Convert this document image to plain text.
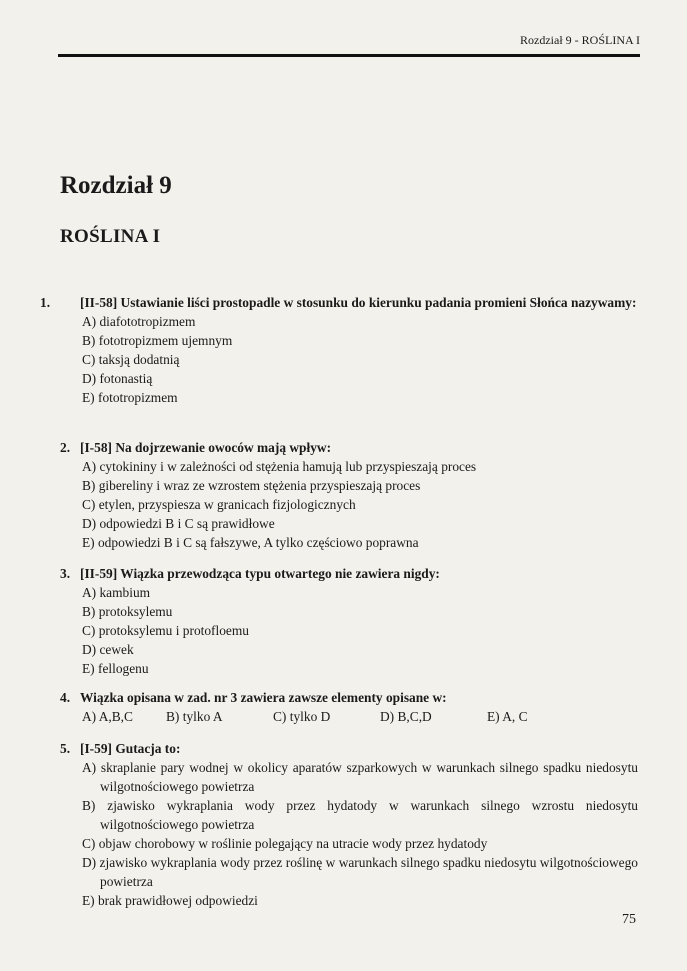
Rozdział 9 - ROŚLINA I
Rozdział 9
ROŚLINA I
1. [II-58] Ustawianie liści prostopadle w stosunku do kierunku padania promieni Słońca nazywamy:
A) diafototropizmem
B) fototropizmem ujemnym
C) taksją dodatnią
D) fotonastią
E) fototropizmem
2. [I-58] Na dojrzewanie owoców mają wpływ:
A) cytokininy i w zależności od stężenia hamują lub przyspieszają proces
B) gibereliny i wraz ze wzrostem stężenia przyspieszają proces
C) etylen, przyspiesza w granicach fizjologicznych
D) odpowiedzi B i C są prawidłowe
E) odpowiedzi B i C są fałszywe, A tylko częściowo poprawna
3. [II-59] Wiązka przewodząca typu otwartego nie zawiera nigdy:
A) kambium
B) protoksylemu
C) protoksylemu i protofloemu
D) cewek
E) fellogenu
4. Wiązka opisana w zad. nr 3 zawiera zawsze elementy opisane w:
A) A,B,C	B) tylko A	C) tylko D	D) B,C,D	E) A, C
5. [I-59] Gutacja to:
A) skraplanie pary wodnej w okolicy aparatów szparkowych w warunkach silnego spadku niedosytu wilgotnościowego powietrza
B) zjawisko wykraplania wody przez hydatody w warunkach silnego wzrostu niedosytu wilgotnościowego powietrza
C) objaw chorobowy w roślinie polegający na utracie wody przez hydatody
D) zjawisko wykraplania wody przez roślinę w warunkach silnego spadku niedosytu wilgotnościowego powietrza
E) brak prawidłowej odpowiedzi
75
